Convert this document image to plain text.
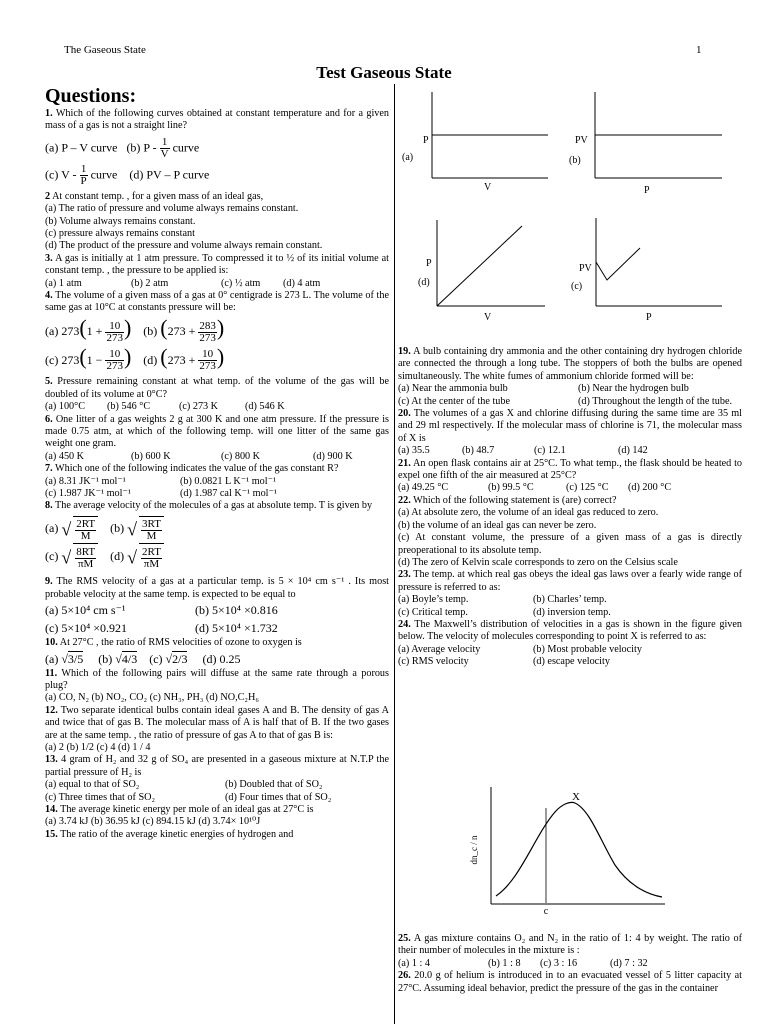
The Gaseous State	1
Test Gaseous State
Questions:

1. Which of the following curves obtained at constant temperature and for a given mass of a gas is not a straight line?

(a) P – V curve (b) P - $\frac{1}{V}$ curve

(c) V - $\frac{1}{P}$ curve (d) PV – P curve

2 At constant temp. , for a given mass of an ideal gas,

(a) The ratio of pressure and volume always remains constant.

(b) Volume always remains constant.

(c) pressure always remains constant

(d) The product of the pressure and volume always remain constant.

3. A gas is initially at 1 atm pressure. To compressed it to ½ of its initial volume at constant temp. , the pressure to be applied is:

(a) 1 atm	(b) 2 atm	(c) ½ atm (d) 4 atm

4. The volume of a given mass of a gas at 0° centigrade is 273 L. The volume of the same gas at 10°C at constants pressure will be:

(a) $273(1 + \frac{10}{273}$ ) (b) ($273 + \frac{283}{273}$ )

(c) $273(1 - \frac{10}{273}$ ) (d) ($273 + \frac{10}{273}$ )

5. Pressure remaining constant at what temp. of the volume of the gas will be doubled of its volume at 0°C?

(a) 100°C (b) 546 °C	(c) 273 K	(d) 546 K

6. One litter of a gas weights 2 g at 300 K and one atm pressure. If the pressure is made 0.75 atm, at which of the following temp. will one litter of the same gas weight one gram.

(a) 450 K	(b) 600 K	(c) 800 K	(d) 900 K

7. Which one of the following indicates the value of the gas constant R?

(a) 8.31 JK⁻¹ mol⁻¹	(b) 0.0821 L K⁻¹ mol⁻¹

(c) 1.987 JK⁻¹ mol⁻¹	(d) 1.987 cal K⁻¹ mol⁻¹

8. The average velocity of the molecules of a gas at absolute temp. T is given by

(a) √ $\frac{2RT}{M} (b)$ √ $\frac{3RT}{M}$

(c) √ $\frac{8RT}{\pi M} (d)$ √ $\frac{2RT}{\pi M}$

9. The RMS velocity of a gas at a particular temp. is 5 × 10⁴ cm s⁻¹ . Its most probable velocity at the same temp. is expected to be equal to

(a) 5×10⁴ cm s⁻¹	(b) 5×10⁴ ×0.816

(c) 5×10⁴ ×0.921	(d) 5×10⁴ ×1.732

10. At 27°C , the ratio of RMS velocities of ozone to oxygen is

(a) √3/5 (b) √4/3 (c) √2/3 (d) 0.25

11. Which of the following pairs will diffuse at the same rate through a porous plug?

(a) CO, N₂ (b) NO₂, CO₂ (c) NH₃, PH₃ (d) NO,C₂H₆

12. Two separate identical bulbs contain ideal gases A and B. The density of gas A and twice that of gas B. The molecular mass of A is half that of B. If the two gases are at the same temp. , the ratio of pressure of gas A to that of gas B is:

(a) 2 (b) 1/2 (c) 4 (d) 1 / 4

13. 4 gram of H₂ and 32 g of SO₄ are presented in a gaseous mixture at N.T.P the partial pressure of H₂ is

(a) equal to that of SO₂	(b) Doubled that of SO₂

(c) Three times that of SO₂	(d) Four times that of SO₂

14. The average kinetic energy per mole of an ideal gas at 27°C is

(a) 3.74 kJ (b) 36.95 kJ (c) 894.15 kJ (d) 3.74× 10¹⁰J

15. The ratio of the average kinetic energies of hydrogen and

P
V
(a)
PV
P
(b)
P
V
(d)
PV
P
(c)

19. A bulb containing dry ammonia and the other containing dry hydrogen chloride are connected the through a long tube. The stoppers of both the bulbs are opened simultaneously. The white fumes of ammonium chloride formed will be:

(a) Near the ammonia bulb	(b) Near the hydrogen bulb

(c) At the center of the tube	(d) Throughout the length of the tube.

20. The volumes of a gas X and chlorine diffusing during the same time are 35 ml and 29 ml respectively. If the molecular mass of chlorine is 71, the molecular mass of X is

(a) 35.5	(b) 48.7	(c) 12.1	(d) 142

21. An open flask contains air at 25°C. To what temp., the flask should be heated to expel one fifth of the air measured at 25°C?

(a) 49.25 °C	(b) 99.5 °C	(c) 125 °C (d) 200 °C

22. Which of the following statement is (are) correct?

(a) At absolute zero, the volume of an ideal gas reduced to zero.

(b) the volume of an ideal gas can never be zero.

(c) At constant volume, the pressure of a given mass of a gas is directly preoperational to its absolute temp.

(d) The zero of Kelvin scale corresponds to zero on the Celsius scale

23. The temp. at which real gas obeys the ideal gas laws over a fearly wide range of pressure is referred to as:

(a) Boyle’s temp.	(b) Charles’ temp.

(c) Critical temp.	(d) inversion temp.

24. The Maxwell’s distribution of velocities in a gas is shown in the figure given below. The velocity of molecules corresponding to point X is referred to as:

(a) Average velocity	(b) Most probable velocity

(c) RMS velocity	(d) escape velocity

X
c
dn_c / n

25. A gas mixture contains O₂ and N₂ in the ratio of 1: 4 by weight. The ratio of their number of molecules in the mixture is :

(a) 1 : 4	(b) 1 : 8 (c) 3 : 16	(d) 7 : 32

26. 20.0 g of helium is introduced in to an evacuated vessel of 5 litter capacity at 27°C. Assuming ideal behavior, predict the pressure of the gas in the container
